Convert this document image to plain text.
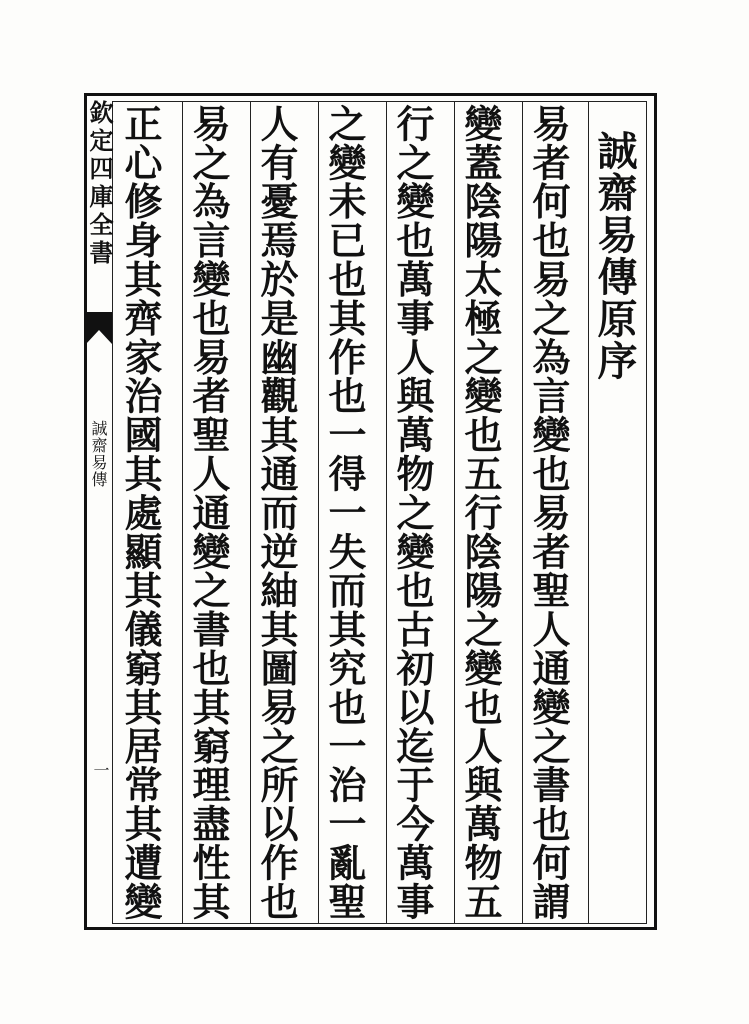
欽定四庫全書
誠齋易傳
一
誠齋易傳原序
易者何也易之為言變也易者聖人通變之書也何謂
變蓋陰陽太極之變也五行陰陽之變也人與萬物五
行之變也萬事人與萬物之變也古初以迄于今萬事
之變未已也其作也一得一失而其究也一治一亂聖
人有憂焉於是幽觀其通而逆紬其圖易之所以作也
易之為言變也易者聖人通變之書也其窮理盡性其
正心修身其齊家治國其處顯其儀窮其居常其遭變
